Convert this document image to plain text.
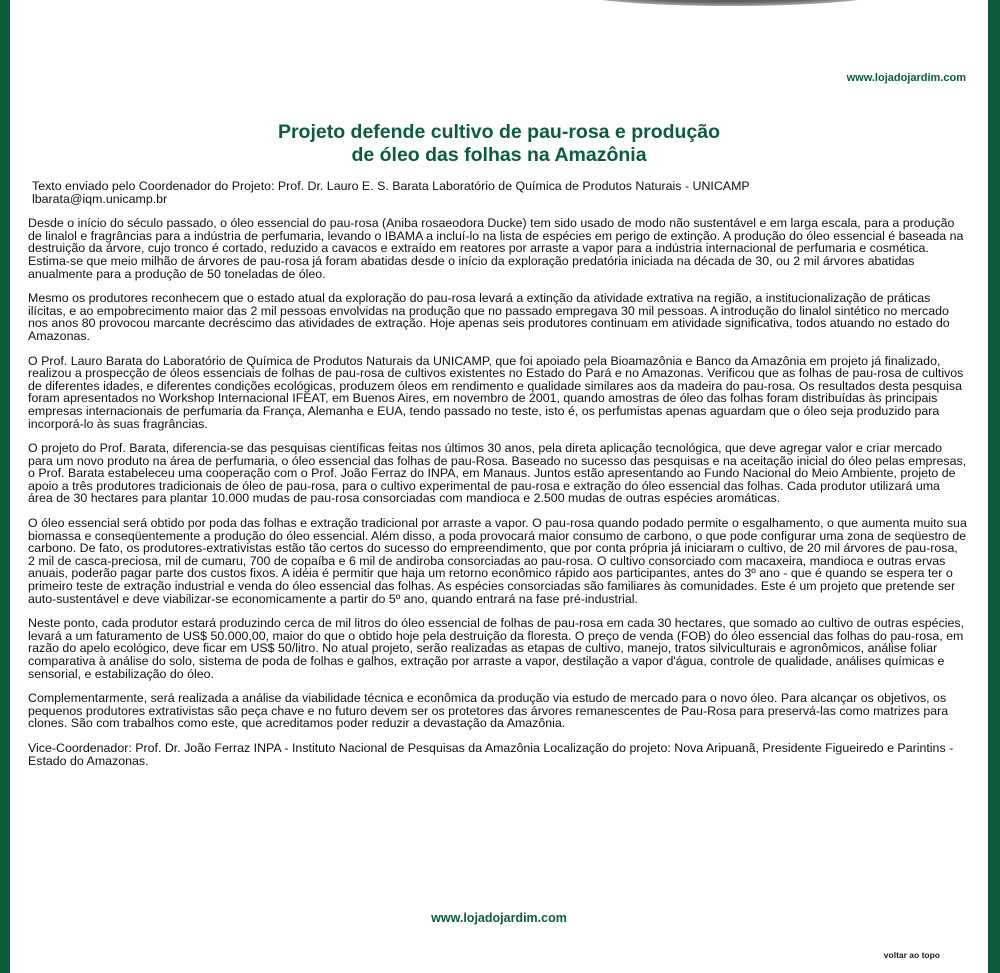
www.lojadojardim.com
Projeto defende cultivo de pau-rosa e produção
de óleo das folhas na Amazônia

Texto enviado pelo Coordenador do Projeto: Prof. Dr. Lauro E. S. Barata Laboratório de Química de Produtos Naturais - UNICAMP
lbarata@iqm.unicamp.br

Desde o início do século passado, o óleo essencial do pau-rosa (Aniba rosaeodora Ducke) tem sido usado de modo não sustentável e em larga escala, para a produção de linalol e fragrâncias para a indústria de perfumaria, levando o IBAMA a incluí-lo na lista de espécies em perigo de extinção. A produção do óleo essencial é baseada na destruição da árvore, cujo tronco é cortado, reduzido a cavacos e extraído em reatores por arraste a vapor para a indústria internacional de perfumaria e cosmética. Estima-se que meio milhão de árvores de pau-rosa já foram abatidas desde o início da exploração predatória iniciada na década de 30, ou 2 mil árvores abatidas anualmente para a produção de 50 toneladas de óleo.

Mesmo os produtores reconhecem que o estado atual da exploração do pau-rosa levará a extinção da atividade extrativa na região, a institucionalização de práticas ilícitas, e ao empobrecimento maior das 2 mil pessoas envolvidas na produção que no passado empregava 30 mil pessoas. A introdução do linalol sintético no mercado nos anos 80 provocou marcante decréscimo das atividades de extração. Hoje apenas seis produtores continuam em atividade significativa, todos atuando no estado do Amazonas.

O Prof. Lauro Barata do Laboratório de Química de Produtos Naturais da UNICAMP, que foi apoiado pela Bioamazônia e Banco da Amazônia em projeto já finalizado, realizou a prospecção de óleos essenciais de folhas de pau-rosa de cultivos existentes no Estado do Pará e no Amazonas. Verificou que as folhas de pau-rosa de cultivos de diferentes idades, e diferentes condições ecológicas, produzem óleos em rendimento e qualidade similares aos da madeira do pau-rosa. Os resultados desta pesquisa foram apresentados no Workshop Internacional IFEAT, em Buenos Aires, em novembro de 2001, quando amostras de óleo das folhas foram distribuídas às principais empresas internacionais de perfumaria da França, Alemanha e EUA, tendo passado no teste, isto é, os perfumistas apenas aguardam que o óleo seja produzido para incorporá-lo às suas fragrâncias.

O projeto do Prof. Barata, diferencia-se das pesquisas científicas feitas nos últimos 30 anos, pela direta aplicação tecnológica, que deve agregar valor e criar mercado para um novo produto na área de perfumaria, o óleo essencial das folhas de pau-Rosa. Baseado no sucesso das pesquisas e na aceitação inicial do óleo pelas empresas, o Prof. Barata estabeleceu uma cooperação com o Prof. João Ferraz do INPA, em Manaus. Juntos estão apresentando ao Fundo Nacional do Meio Ambiente, projeto de apoio a três produtores tradicionais de óleo de pau-rosa, para o cultivo experimental de pau-rosa e extração do óleo essencial das folhas. Cada produtor utilizará uma área de 30 hectares para plantar 10.000 mudas de pau-rosa consorciadas com mandioca e 2.500 mudas de outras espécies aromáticas.

O óleo essencial será obtido por poda das folhas e extração tradicional por arraste a vapor. O pau-rosa quando podado permite o esgalhamento, o que aumenta muito sua biomassa e conseqüentemente a produção do óleo essencial. Além disso, a poda provocará maior consumo de carbono, o que pode configurar uma zona de seqüestro de carbono. De fato, os produtores-extrativistas estão tão certos do sucesso do empreendimento, que por conta própria já iniciaram o cultivo, de 20 mil árvores de pau-rosa, 2 mil de casca-preciosa, mil de cumaru, 700 de copaíba e 6 mil de andiroba consorciadas ao pau-rosa. O cultivo consorciado com macaxeira, mandioca e outras ervas anuais, poderão pagar parte dos custos fixos. A idéia é permitir que haja um retorno econômico rápido aos participantes, antes do 3º ano - que é quando se espera ter o primeiro teste de extração industrial e venda do óleo essencial das folhas. As espécies consorciadas são familiares às comunidades. Este é um projeto que pretende ser auto-sustentável e deve viabilizar-se economicamente a partir do 5º ano, quando entrará na fase pré-industrial.

Neste ponto, cada produtor estará produzindo cerca de mil litros do óleo essencial de folhas de pau-rosa em cada 30 hectares, que somado ao cultivo de outras espécies, levará a um faturamento de US$ 50.000,00, maior do que o obtido hoje pela destruição da floresta. O preço de venda (FOB) do óleo essencial das folhas do pau-rosa, em razão do apelo ecológico, deve ficar em US$ 50/litro. No atual projeto, serão realizadas as etapas de cultivo, manejo, tratos silviculturais e agronômicos, análise foliar comparativa à análise do solo, sistema de poda de folhas e galhos, extração por arraste a vapor, destilação a vapor d'água, controle de qualidade, análises químicas e sensorial, e estabilização do óleo.

Complementarmente, será realizada a análise da viabilidade técnica e econômica da produção via estudo de mercado para o novo óleo. Para alcançar os objetivos, os pequenos produtores extrativistas são peça chave e no futuro devem ser os protetores das árvores remanescentes de Pau-Rosa para preservá-las como matrizes para clones. São com trabalhos como este, que acreditamos poder reduzir a devastação da Amazônia.

Vice-Coordenador: Prof. Dr. João Ferraz INPA - Instituto Nacional de Pesquisas da Amazônia Localização do projeto: Nova Aripuanã, Presidente Figueiredo e Parintins - Estado do Amazonas.

www.lojadojardim.com
voltar ao topo
